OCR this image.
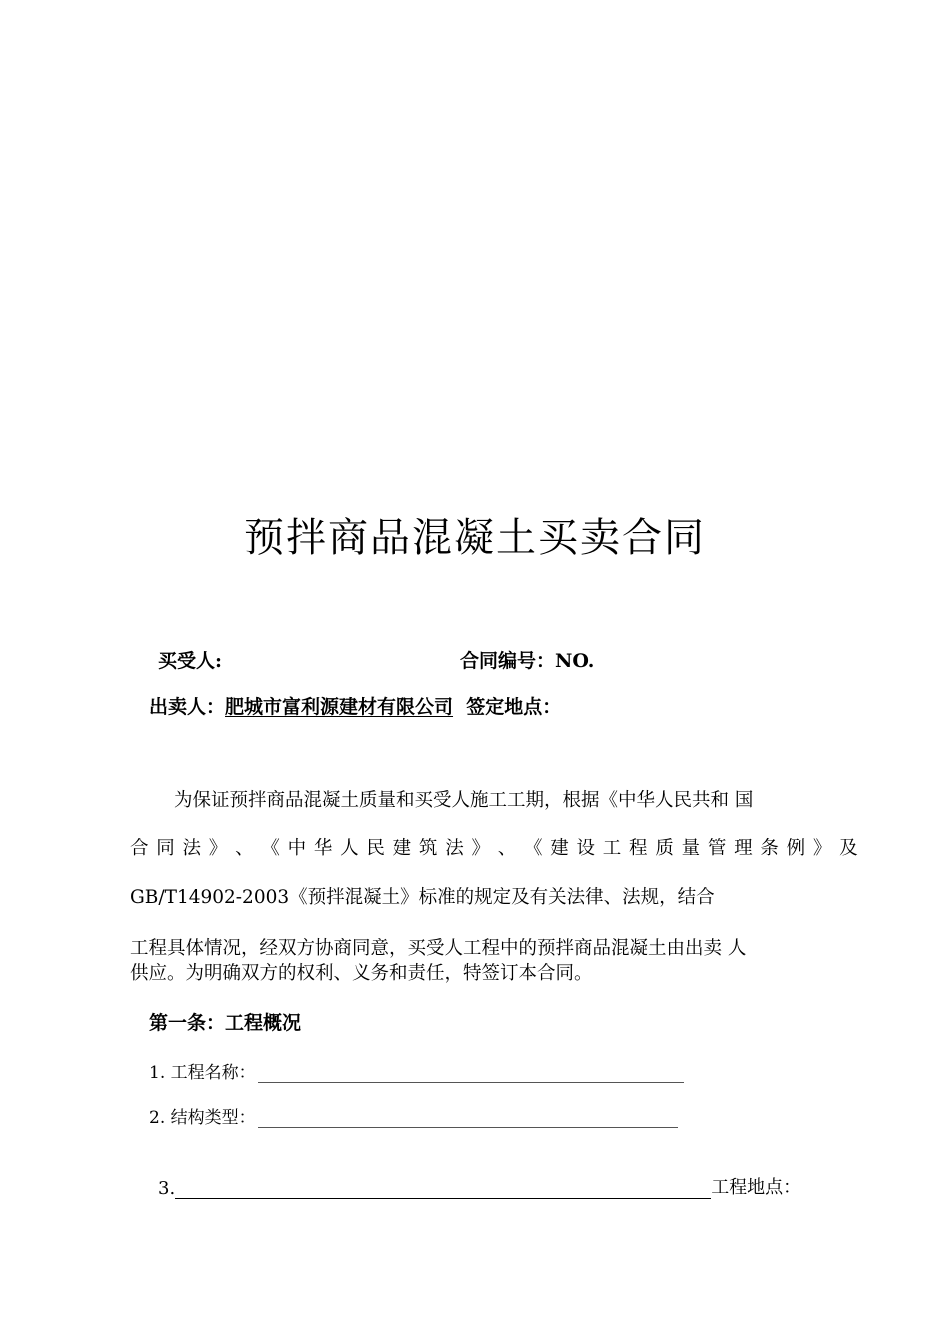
预拌商品混凝土买卖合同
买受人:	合同编号：NO.
出卖人：肥城市富利源建材有限公司 签定地点：
为保证预拌商品混凝土质量和买受人施工工期，根据《中华人民共和 国
合 同 法 》 、 《 中 华 人 民 建 筑 法 》 、 《 建 设 工 程 质 量 管 理 条 例 》 及
GB/T14902-2003《预拌混凝土》标准的规定及有关法律、法规，结合
工程具体情况，经双方协商同意，买受人工程中的预拌商品混凝土由出卖 人
供应。为明确双方的权利、义务和责任，特签订本合同。
第一条：工程概况
1. 工程名称：
2. 结构类型：
3.	工程地点：
